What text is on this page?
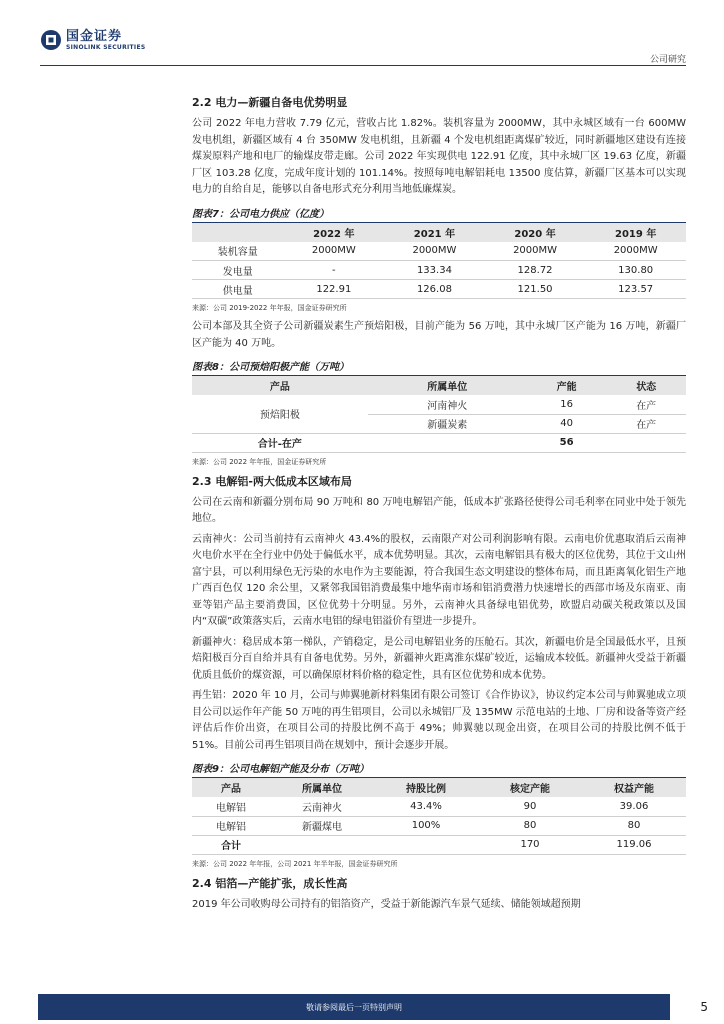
国金证券
SINOLINK SECURITIES
公司研究
2.2 电力—新疆自备电优势明显

公司 2022 年电力营收 7.79 亿元，营收占比 1.82%。装机容量为 2000MW，其中永城区域有一台 600MW 发电机组，新疆区域有 4 台 350MW 发电机组，且新疆 4 个发电机组距离煤矿较近，同时新疆地区建设有连接煤炭原料产地和电厂的输煤皮带走廊。公司 2022 年实现供电 122.91 亿度，其中永城厂区 19.63 亿度，新疆厂区 103.28 亿度，完成年度计划的 101.14%。按照每吨电解铝耗电 13500 度估算，新疆厂区基本可以实现电力的自给自足，能够以自备电形式充分利用当地低廉煤炭。

图表7：公司电力供应（亿度）
	2022 年	2021 年	2020 年	2019 年
装机容量	2000MW	2000MW	2000MW	2000MW
发电量	-	133.34	128.72	130.80
供电量	122.91	126.08	121.50	123.57
来源：公司 2019-2022 年年报，国金证券研究所

公司本部及其全资子公司新疆炭素生产预焙阳极，目前产能为 56 万吨，其中永城厂区产能为 16 万吨，新疆厂区产能为 40 万吨。

图表8：公司预焙阳极产能（万吨）
产品	所属单位	产能	状态
预焙阳极	河南神火	16	在产
	新疆炭素	40	在产
合计-在产		56	
来源：公司 2022 年年报，国金证券研究所
2.3 电解铝-两大低成本区域布局

公司在云南和新疆分别布局 90 万吨和 80 万吨电解铝产能，低成本扩张路径使得公司毛利率在同业中处于领先地位。

云南神火：公司当前持有云南神火 43.4%的股权，云南限产对公司利润影响有限。云南电价优惠取消后云南神火电价水平在全行业中仍处于偏低水平，成本优势明显。其次，云南电解铝具有极大的区位优势，其位于文山州富宁县，可以利用绿色无污染的水电作为主要能源，符合我国生态文明建设的整体布局，而且距离氧化铝生产地广西百色仅 120 余公里，又紧邻我国铝消费最集中地华南市场和铝消费潜力快速增长的西部市场及东南亚、南亚等铝产品主要消费国，区位优势十分明显。另外，云南神火具备绿电铝优势，欧盟启动碳关税政策以及国内“双碳”政策落实后，云南水电铝的绿电铝溢价有望进一步提升。

新疆神火：稳居成本第一梯队，产销稳定，是公司电解铝业务的压舱石。其次，新疆电价是全国最低水平，且预焙阳极百分百自给并具有自备电优势。另外，新疆神火距离淮东煤矿较近，运输成本较低。新疆神火受益于新疆优质且低价的煤资源，可以确保原材料价格的稳定性，具有区位优势和成本优势。

再生铝：2020 年 10 月，公司与帅翼驰新材料集团有限公司签订《合作协议》，协议约定本公司与帅翼驰成立项目公司以运作年产能 50 万吨的再生铝项目，公司以永城铝厂及 135MW 示范电站的土地、厂房和设备等资产经评估后作价出资，在项目公司的持股比例不高于 49%；帅翼驰以现金出资，在项目公司的持股比例不低于 51%。目前公司再生铝项目尚在规划中，预计会逐步开展。

图表9：公司电解铝产能及分布（万吨）
产品	所属单位	持股比例	核定产能	权益产能
电解铝	云南神火	43.4%	90	39.06
电解铝	新疆煤电	100%	80	80
合计			170	119.06
来源：公司 2022 年年报，公司 2021 年半年报，国金证券研究所
2.4 铝箔—产能扩张，成长性高

2019 年公司收购母公司持有的铝箔资产，受益于新能源汽车景气延续、储能领域超预期

敬请参阅最后一页特别声明	5
